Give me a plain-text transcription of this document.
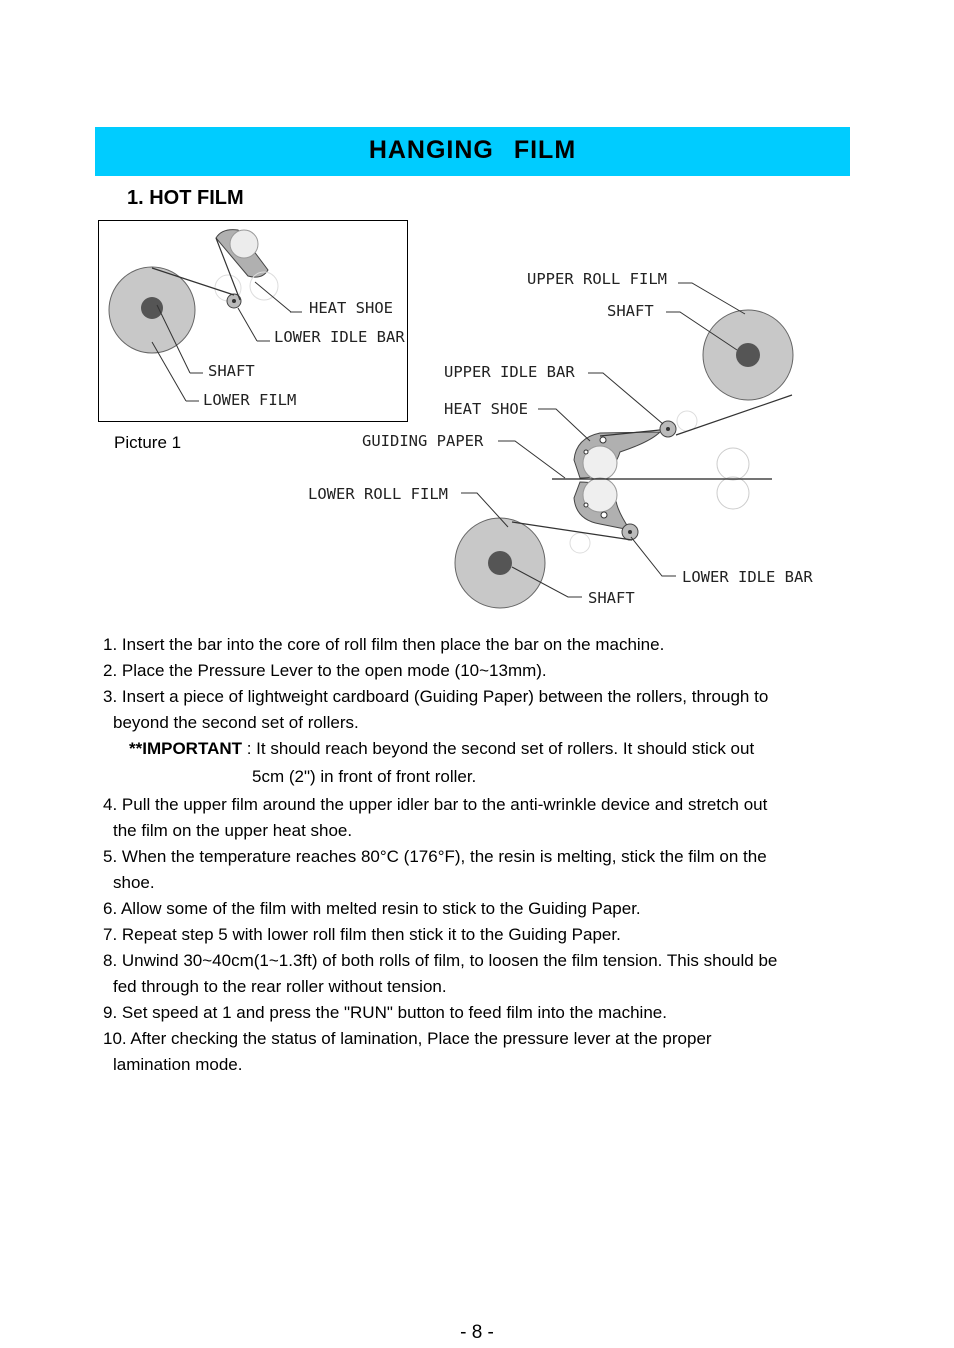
HANGING FILM
1. HOT FILM
HEAT SHOE
LOWER IDLE BAR
SHAFT
LOWER FILM
UPPER ROLL FILM
SHAFT
UPPER IDLE BAR
HEAT SHOE
GUIDING PAPER
LOWER ROLL FILM
LOWER IDLE BAR
SHAFT
Picture 1
1. Insert the bar into the core of roll film then place the bar on the machine.
2. Place the Pressure Lever to the open mode (10~13mm).
3. Insert a piece of lightweight cardboard (Guiding Paper) between the rollers, through to
beyond the second set of rollers.
**IMPORTANT : It should reach beyond the second set of rollers. It should stick out
5cm (2") in front of front roller.
4. Pull the upper film around the upper idler bar to the anti-wrinkle device and stretch out
the film on the upper heat shoe.
5. When the temperature reaches 80°C (176°F), the resin is melting, stick the film on the
shoe.
6. Allow some of the film with melted resin to stick to the Guiding Paper.
7. Repeat step 5 with lower roll film then stick it to the Guiding Paper.
8. Unwind 30~40cm(1~1.3ft) of both rolls of film, to loosen the film tension. This should be
fed through to the rear roller without tension.
9. Set speed at 1 and press the "RUN" button to feed film into the machine.
10. After checking the status of lamination, Place the pressure lever at the proper
lamination mode.
- 8 -
